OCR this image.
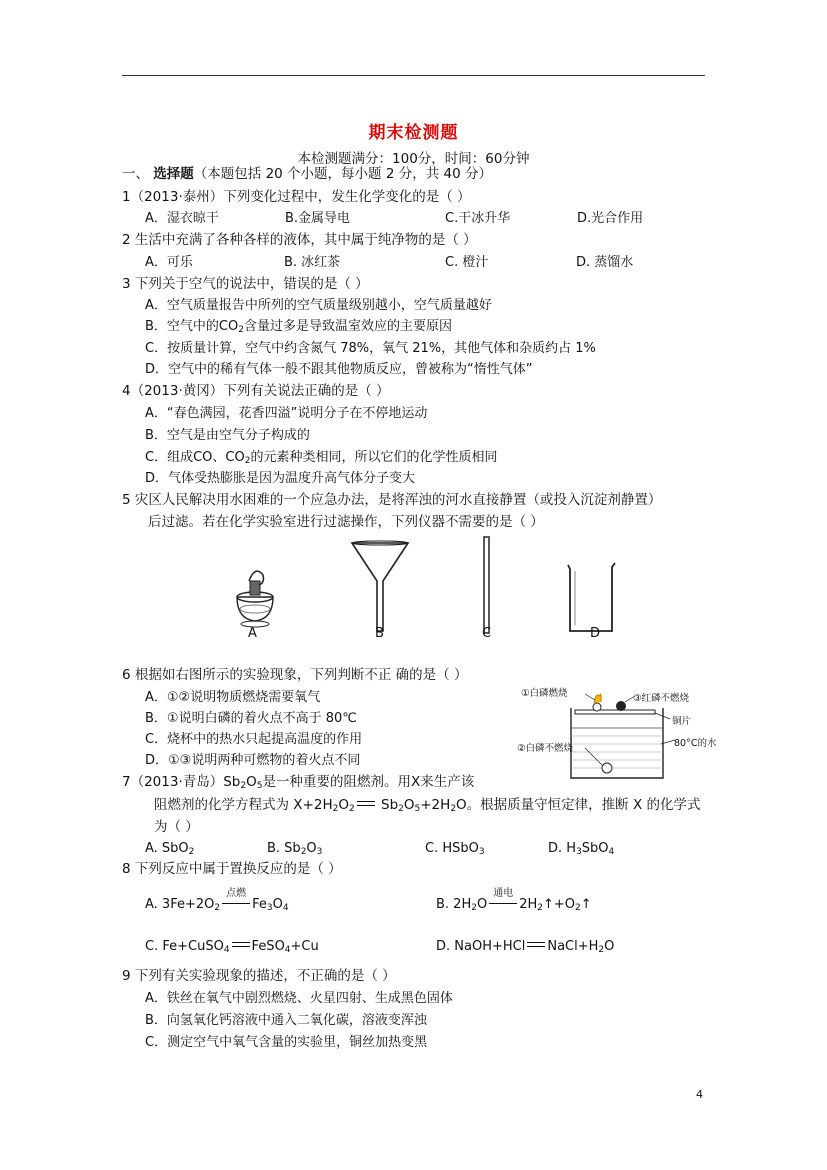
期末检测题
本检测题满分：100分，时间：60分钟
一、 选择题（本题包括 20 个小题，每小题 2 分，共 40 分）
1（2013·泰州）下列变化过程中，发生化学变化的是（ ）
A．湿衣晾干	B.金属导电	C.干冰升华	D.光合作用
2 生活中充满了各种各样的液体，其中属于纯净物的是（ ）
A．可乐	B. 冰红茶	C. 橙汁	D. 蒸馏水
3 下列关于空气的说法中，错误的是（ ）
A．空气质量报告中所列的空气质量级别越小，空气质量越好
B．空气中的$CO_2$含量过多是导致温室效应的主要原因
C．按质量计算，空气中约含氮气 78%，氧气 21%，其他气体和杂质约占 1%
D．空气中的稀有气体一般不跟其他物质反应，曾被称为“惰性气体”
4（2013·黄冈）下列有关说法正确的是（ ）
A．“春色满园，花香四溢”说明分子在不停地运动
B．空气是由空气分子构成的
C．组成CO、$CO_2$的元素种类相同，所以它们的化学性质相同
D．气体受热膨胀是因为温度升高气体分子变大
5 灾区人民解决用水困难的一个应急办法，是将浑浊的河水直接静置（或投入沉淀剂静置）
后过滤。若在化学实验室进行过滤操作，下列仪器不需要的是（ ）
A	B	C	D
6 根据如右图所示的实验现象，下列判断不正 确的是（ ）
A．①②说明物质燃烧需要氧气
B．①说明白磷的着火点不高于 80℃
C．烧杯中的热水只起提高温度的作用
D．①③说明两种可燃物的着火点不同
①白磷燃烧	③红磷不燃烧
铜片
②白磷不燃烧	80°C的水
7（2013·青岛）$Sb_2O_5$是一种重要的阻燃剂。用X来生产该
阻燃剂的化学方程式为 $X+2H_2O_2$ $Sb_2O_5+2H_2O$。根据质量守恒定律，推断 X 的化学式
为（ ）
A. SbO$_2$	B. $Sb_2O_3$	C. HSbO$_3$	D. $H_3SbO_4$
8 下列反应中属于置换反应的是（ ）
A. $3Fe+2O_2$
点燃
$Fe_3O_4$	B. $2H_2O$
通电
$2H_2↑+O_2↑$
C. Fe+CuSO$_4$ FeSO$_4$+Cu	D. NaOH+HCl $NaCl+H_2O$
9 下列有关实验现象的描述，不正确的是（ ）
A．铁丝在氧气中剧烈燃烧、火星四射、生成黑色固体
B．向氢氧化钙溶液中通入二氧化碳，溶液变浑浊
C．测定空气中氧气含量的实验里，铜丝加热变黑
4
